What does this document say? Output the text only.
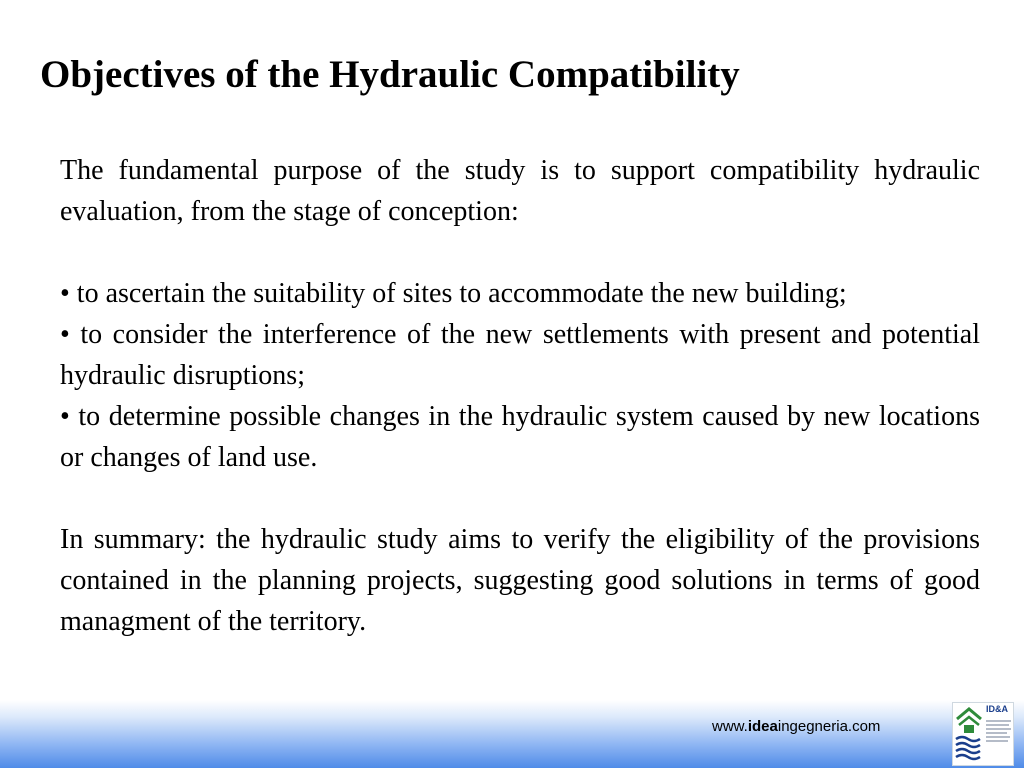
Objectives of the Hydraulic Compatibility

The fundamental purpose of the study is to support compatibility hydraulic evaluation, from the stage of conception:

• to ascertain the suitability of sites to accommodate the new building;

• to consider the interference of the new settlements with present and potential hydraulic disruptions;

• to determine possible changes in the hydraulic system caused by new locations or changes of land use.

In summary: the hydraulic study aims to verify the eligibility of the provisions contained in the planning projects, suggesting good solutions in terms of good managment of the territory.

www.ideaingegneria.com
ID&A
